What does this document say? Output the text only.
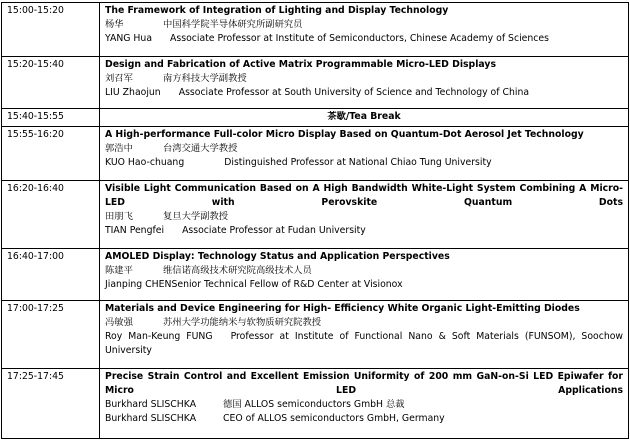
15:00-15:20	The Framework of Integration of Lighting and Display Technology
杨华 中国科学院半导体研究所副研究员
YANG Hua Associate Professor at Institute of Semiconductors, Chinese Academy of Sciences

15:20-15:40	Design and Fabrication of Active Matrix Programmable Micro-LED Displays
刘召军 南方科技大学副教授
LIU Zhaojun Associate Professor at South University of Science and Technology of China

15:40-15:55	茶歇/Tea Break
15:55-16:20	A High-performance Full-color Micro Display Based on Quantum-Dot Aerosol Jet Technology
郭浩中 台湾交通大学教授
KUO Hao-chuang Distinguished Professor at National Chiao Tung University

16:20-16:40	Visible Light Communication Based on A High Bandwidth White-Light System Combining A Micro-LED with Perovskite Quantum Dots
田朋飞 复旦大学副教授
TIAN Pengfei Associate Professor at Fudan University

16:40-17:00	AMOLED Display: Technology Status and Application Perspectives
陈建平 维信诺高级技术研究院高级技术人员
Jianping CHENSenior Technical Fellow of R&D Center at Visionox

17:00-17:25	Materials and Device Engineering for High- Efficiency White Organic Light-Emitting Diodes
冯敏强 苏州大学功能纳米与软物质研究院教授
Roy Man-Keung FUNG Professor at Institute of Functional Nano & Soft Materials (FUNSOM), Soochow University

17:25-17:45	Precise Strain Control and Excellent Emission Uniformity of 200 mm GaN-on-Si LED Epiwafer for Micro LED Applications
Burkhard SLISCHKA 德国 ALLOS semiconductors GmbH 总裁
Burkhard SLISCHKA CEO of ALLOS semiconductors GmbH, Germany
